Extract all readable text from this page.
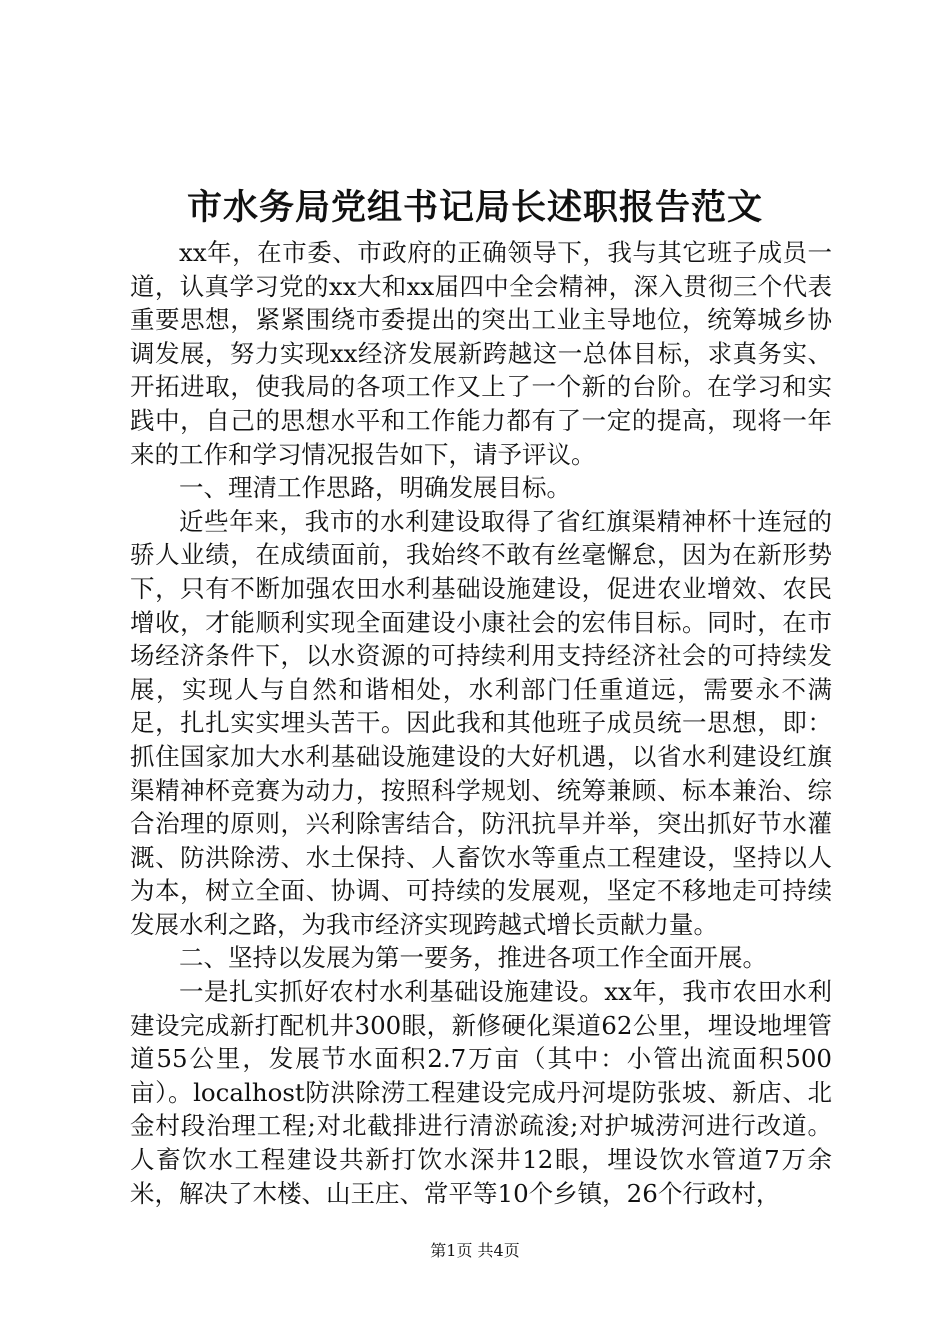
市水务局党组书记局长述职报告范文

xx年，在市委、市政府的正确领导下，我与其它班子成员一道，认真学习党的xx大和xx届四中全会精神，深入贯彻三个代表重要思想，紧紧围绕市委提出的突出工业主导地位，统筹城乡协调发展，努力实现xx经济发展新跨越这一总体目标，求真务实、开拓进取，使我局的各项工作又上了一个新的台阶。在学习和实践中，自己的思想水平和工作能力都有了一定的提高，现将一年来的工作和学习情况报告如下，请予评议。

一、理清工作思路，明确发展目标。

近些年来，我市的水利建设取得了省红旗渠精神杯十连冠的骄人业绩，在成绩面前，我始终不敢有丝毫懈怠，因为在新形势下，只有不断加强农田水利基础设施建设，促进农业增效、农民增收，才能顺利实现全面建设小康社会的宏伟目标。同时，在市场经济条件下，以水资源的可持续利用支持经济社会的可持续发展，实现人与自然和谐相处，水利部门任重道远，需要永不满足，扎扎实实埋头苦干。因此我和其他班子成员统一思想，即：抓住国家加大水利基础设施建设的大好机遇，以省水利建设红旗渠精神杯竞赛为动力，按照科学规划、统筹兼顾、标本兼治、综合治理的原则，兴利除害结合，防汛抗旱并举，突出抓好节水灌溉、防洪除涝、水土保持、人畜饮水等重点工程建设，坚持以人为本，树立全面、协调、可持续的发展观，坚定不移地走可持续发展水利之路，为我市经济实现跨越式增长贡献力量。

二、坚持以发展为第一要务，推进各项工作全面开展。

一是扎实抓好农村水利基础设施建设。xx年，我市农田水利建设完成新打配机井300眼，新修硬化渠道62公里，埋设地埋管道55公里，发展节水面积2.7万亩（其中：小管出流面积500亩）。localhost防洪除涝工程建设完成丹河堤防张坡、新店、北金村段治理工程;对北截排进行清淤疏浚;对护城涝河进行改道。人畜饮水工程建设共新打饮水深井12眼，埋设饮水管道7万余米，解决了木楼、山王庄、常平等10个乡镇，26个行政村，

第1页 共4页
